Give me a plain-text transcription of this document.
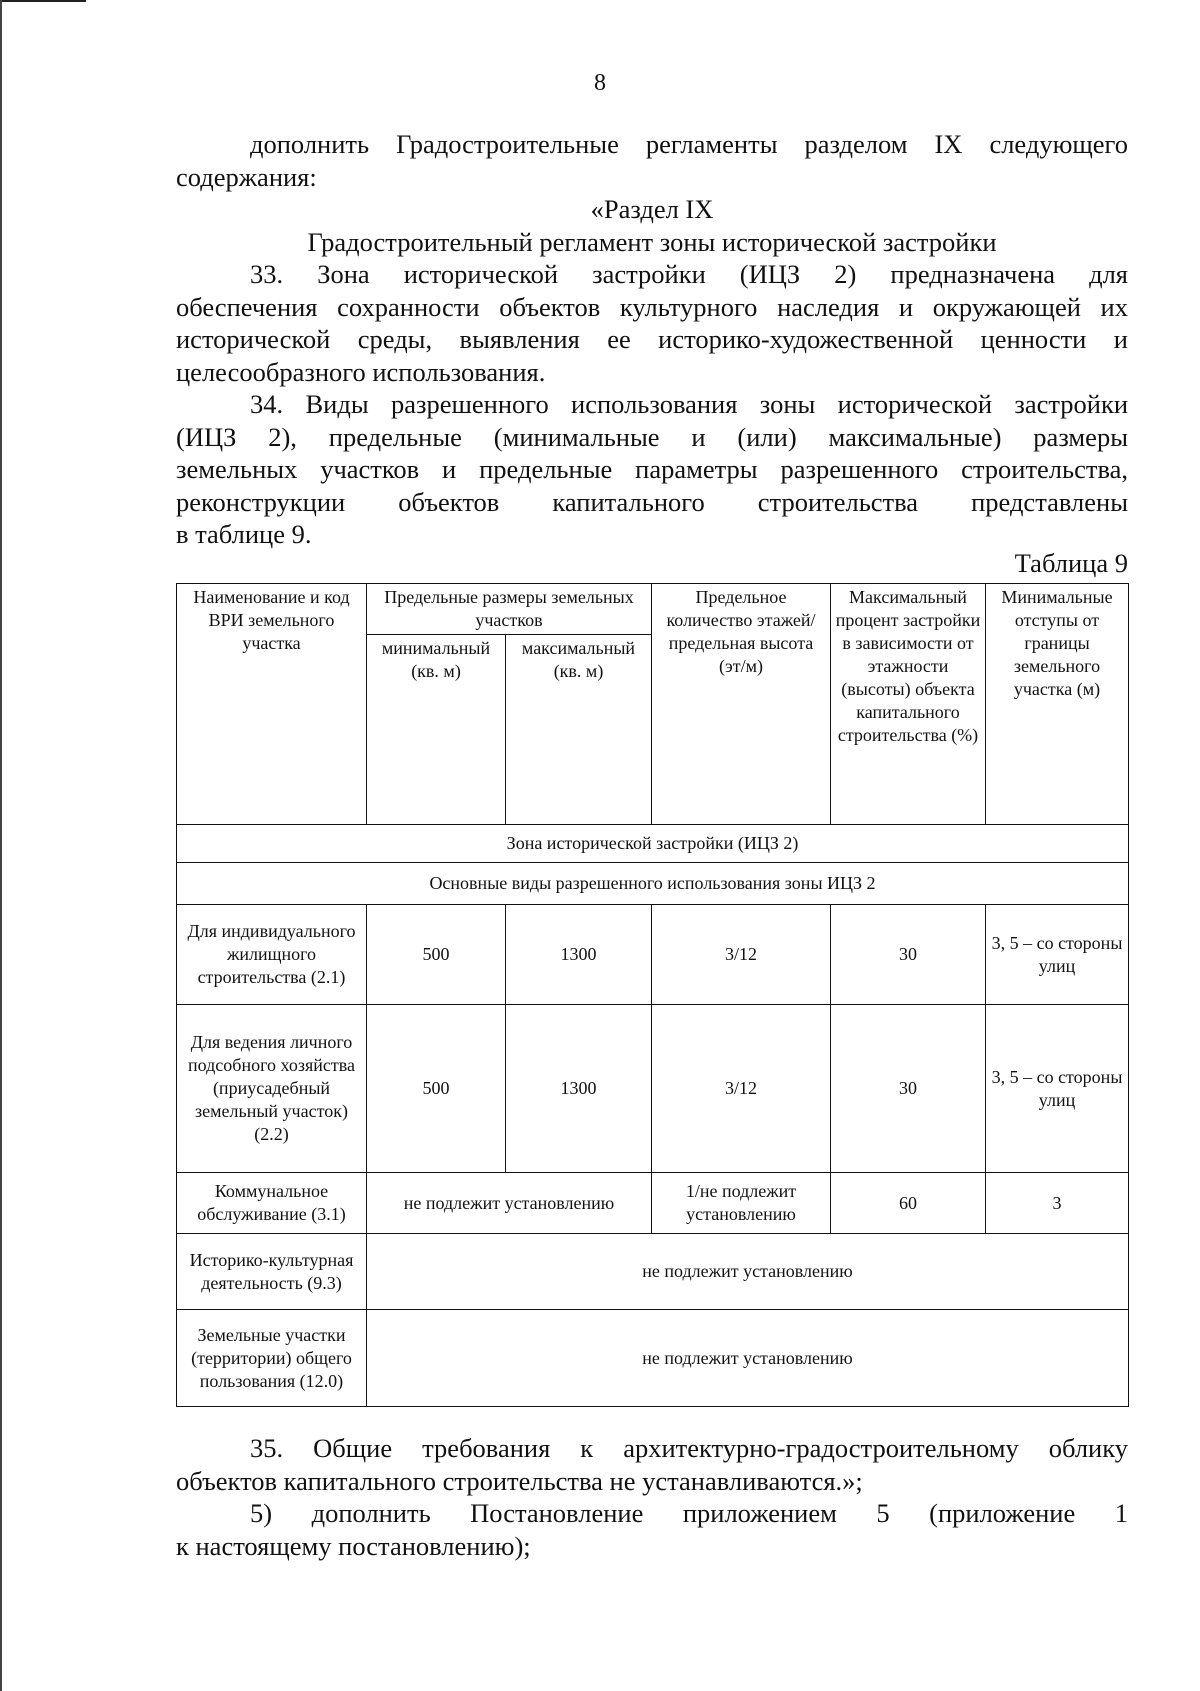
8

дополнить Градостроительные регламенты разделом IX следующего

содержания:

«Раздел IX

Градостроительный регламент зоны исторической застройки

33. Зона исторической застройки (ИЦЗ 2) предназначена для

обеспечения сохранности объектов культурного наследия и окружающей их

исторической среды, выявления ее историко-художественной ценности и

целесообразного использования.

34. Виды разрешенного использования зоны исторической застройки

(ИЦЗ 2), предельные (минимальные и (или) максимальные) размеры

земельных участков и предельные параметры разрешенного строительства,

реконструкции объектов капитального строительства представлены

в таблице 9.

Таблица 9
Наименование и код ВРИ земельного участка	Предельные размеры земельных участков		Предельное количество этажей/предельная высота (эт/м)	Максимальный процент застройки в зависимости от этажности (высоты) объекта капитального строительства (%)	Минимальные отступы от границы земельного участка (м)
	минимальный (кв. м)	максимальный (кв. м)			
Зона исторической застройки (ИЦЗ 2)					
Основные виды разрешенного использования зоны ИЦЗ 2					
Для индивидуального жилищного строительства (2.1)	500	1300	3/12	30	3, 5 – со стороны улиц
Для ведения личного подсобного хозяйства (приусадебный земельный участок) (2.2)	500	1300	3/12	30	3, 5 – со стороны улиц
Коммунальное обслуживание (3.1)	не подлежит установлению		1/не подлежит установлению	60	3
Историко-культурная деятельность (9.3)	не подлежит установлению				
Земельные участки (территории) общего пользования (12.0)	не подлежит установлению				

35. Общие требования к архитектурно-градостроительному облику

объектов капитального строительства не устанавливаются.»;

5) дополнить Постановление приложением 5 (приложение 1

к настоящему постановлению);
